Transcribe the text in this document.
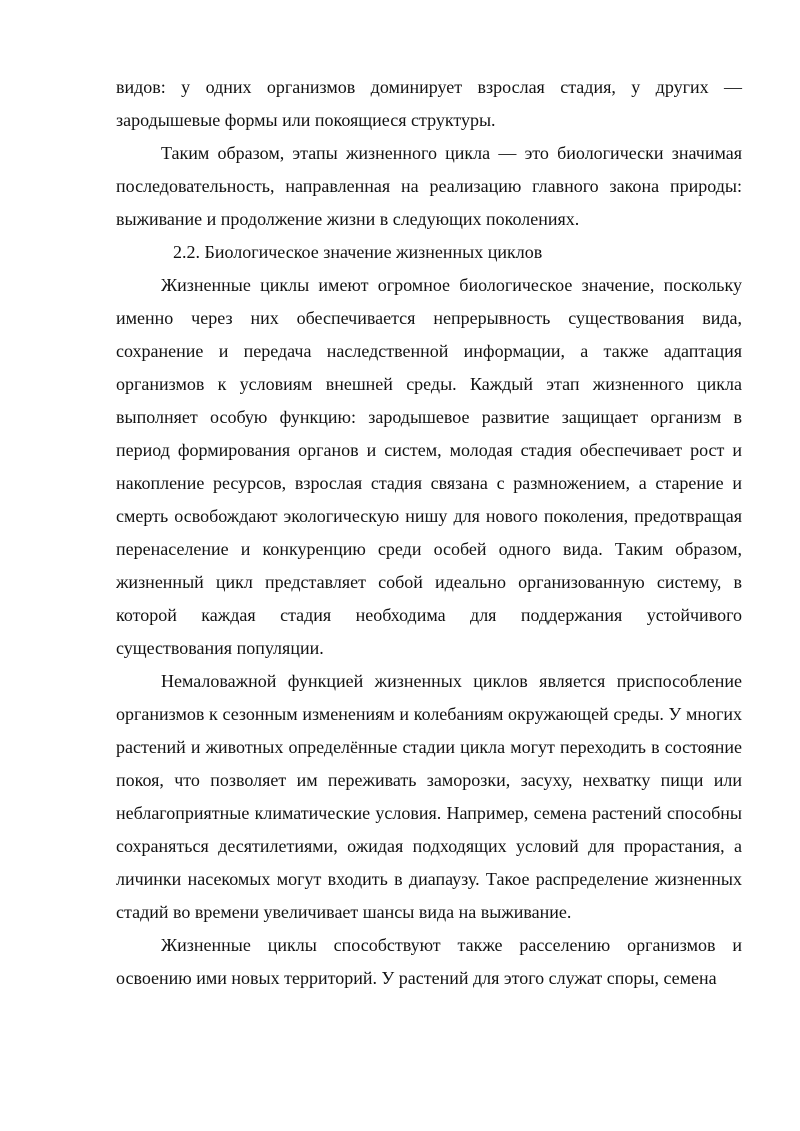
видов: у одних организмов доминирует взрослая стадия, у других — зародышевые формы или покоящиеся структуры.

Таким образом, этапы жизненного цикла — это биологически значимая последовательность, направленная на реализацию главного закона природы: выживание и продолжение жизни в следующих поколениях.

2.2. Биологическое значение жизненных циклов

Жизненные циклы имеют огромное биологическое значение, поскольку именно через них обеспечивается непрерывность существования вида, сохранение и передача наследственной информации, а также адаптация организмов к условиям внешней среды. Каждый этап жизненного цикла выполняет особую функцию: зародышевое развитие защищает организм в период формирования органов и систем, молодая стадия обеспечивает рост и накопление ресурсов, взрослая стадия связана с размножением, а старение и смерть освобождают экологическую нишу для нового поколения, предотвращая перенаселение и конкуренцию среди особей одного вида. Таким образом, жизненный цикл представляет собой идеально организованную систему, в которой каждая стадия необходима для поддержания устойчивого существования популяции.

Немаловажной функцией жизненных циклов является приспособление организмов к сезонным изменениям и колебаниям окружающей среды. У многих растений и животных определённые стадии цикла могут переходить в состояние покоя, что позволяет им переживать заморозки, засуху, нехватку пищи или неблагоприятные климатические условия. Например, семена растений способны сохраняться десятилетиями, ожидая подходящих условий для прорастания, а личинки насекомых могут входить в диапаузу. Такое распределение жизненных стадий во времени увеличивает шансы вида на выживание.

Жизненные циклы способствуют также расселению организмов и освоению ими новых территорий. У растений для этого служат споры, семена
